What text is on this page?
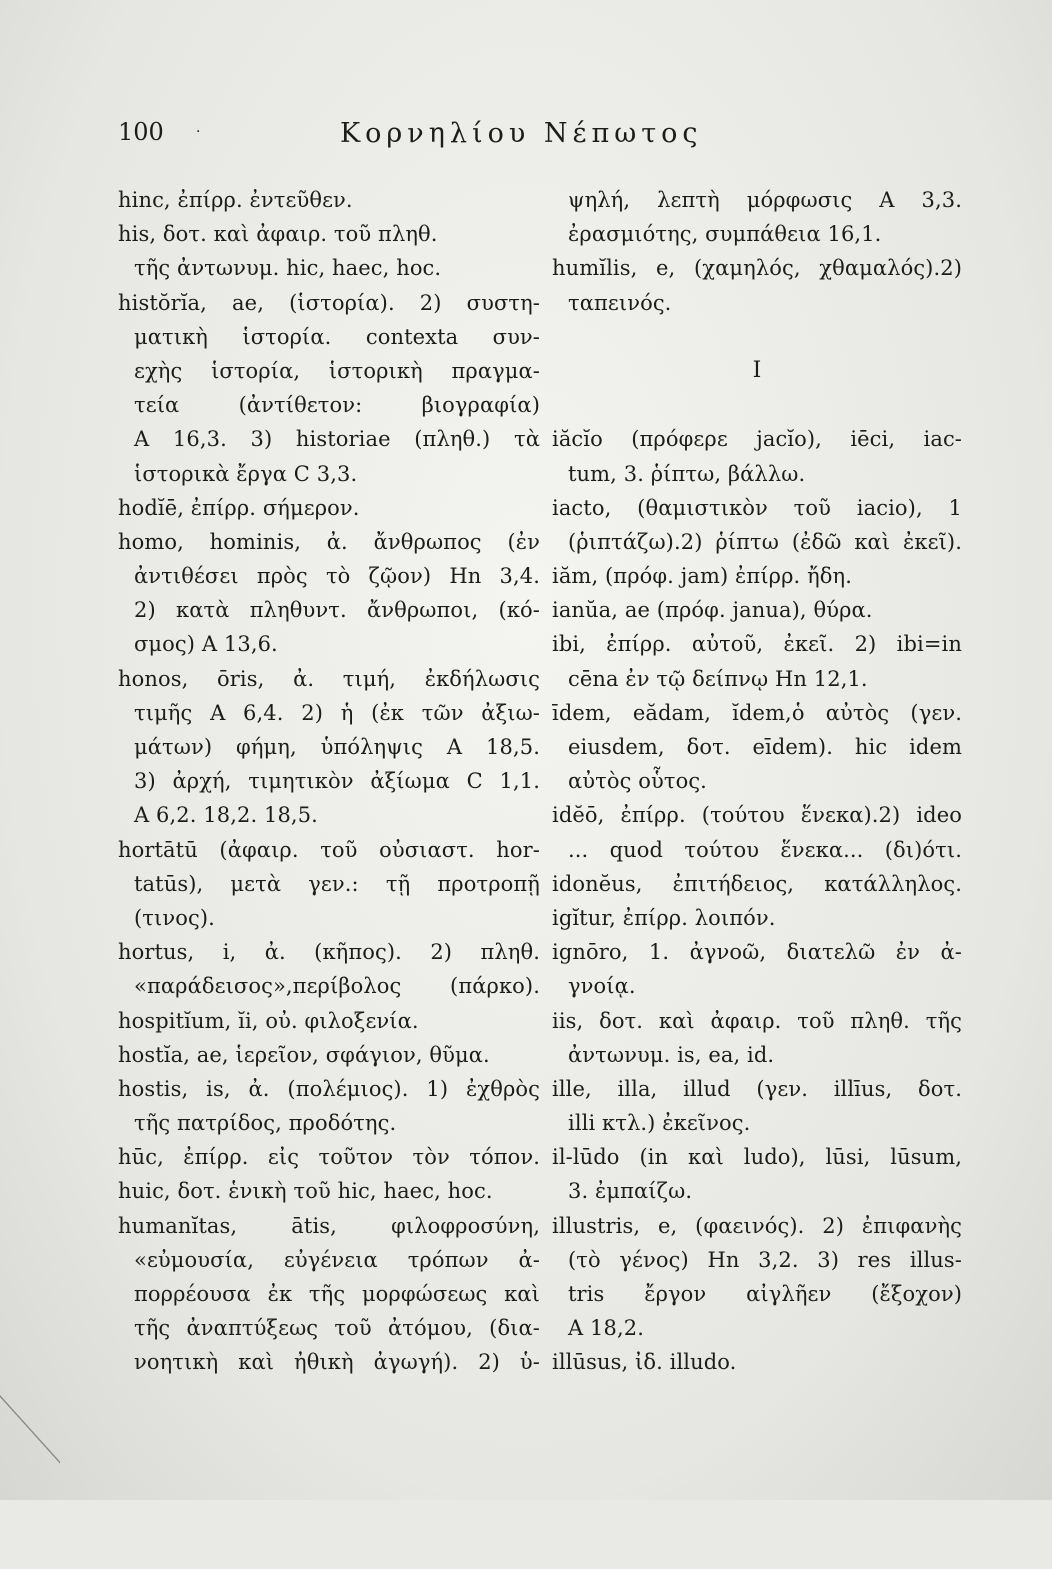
100 ·	Κορνηλίου Νέπωτος
hinc, ἐπίρρ. ἐντεῦθεν.
his, δοτ. καὶ ἀφαιρ. τοῦ πληθ.
τῆς ἀντωνυμ. hic, haec, hoc.
histŏrĭa, ae, (ἱστορία). 2) συστη-
ματικὴ ἱστορία. contexta συν-
εχὴς ἱστορία, ἱστορικὴ πραγμα-
τεία (ἀντίθετον: βιογραφία)
A 16,3. 3) historiae (πληθ.) τὰ
ἱστορικὰ ἔργα C 3,3.
hodĭē, ἐπίρρ. σήμερον.
homo, hominis, ἀ. ἄνθρωπος (ἐν
ἀντιθέσει πρὸς τὸ ζῷον) Hn 3,4.
2) κατὰ πληθυντ. ἄνθρωποι, (κό-
σμος) A 13,6.
honos, ōris, ἀ. τιμή, ἐκδήλωσις
τιμῆς A 6,4. 2) ἡ (ἐκ τῶν ἀξιω-
μάτων) φήμη, ὑπόληψις A 18,5.
3) ἀρχή, τιμητικὸν ἀξίωμα C 1,1.
A 6,2. 18,2. 18,5.
hortātū (ἀφαιρ. τοῦ οὐσιαστ. hor-
tatūs), μετὰ γεν.: τῇ προτροπῇ
(τινος).
hortus, i, ἀ. (κῆπος). 2) πληθ.
«παράδεισος»,περίβολος (πάρκο).
hospitĭum, ĭi, οὐ. φιλοξενία.
hostĭa, ae, ἱερεῖον, σφάγιον, θῦμα.
hostis, is, ἀ. (πολέμιος). 1) ἐχθρὸς
τῆς πατρίδος, προδότης.
hūc, ἐπίρρ. εἰς τοῦτον τὸν τόπον.
huic, δοτ. ἑνικὴ τοῦ hic, haec, hoc.
humanĭtas, ātis, φιλοφροσύνη,
«εὐμουσία, εὐγένεια τρόπων ἀ-
πορρέουσα ἐκ τῆς μορφώσεως καὶ
τῆς ἀναπτύξεως τοῦ ἀτόμου, (δια-
νοητικὴ καὶ ἠθικὴ ἀγωγή). 2) ὑ-
ψηλή, λεπτὴ μόρφωσις A 3,3.
ἐρασμιότης, συμπάθεια 16,1.
humĭlis, e, (χαμηλός, χθαμαλός).2)
ταπεινός.
I
iăcĭo (πρόφερε jacĭo), iēci, iac-
tum, 3. ῥίπτω, βάλλω.
iacto, (θαμιστικὸν τοῦ iacio), 1
(ῥιπτάζω).2) ῥίπτω (ἐδῶ καὶ ἐκεῖ).
iăm, (πρόφ. jam) ἐπίρρ. ἤδη.
ianŭa, ae (πρόφ. janua), θύρα.
ibi, ἐπίρρ. αὐτοῦ, ἐκεῖ. 2) ibi=in
cēna ἐν τῷ δείπνῳ Hn 12,1.
īdem, eădam, ĭdem,ὁ αὐτὸς (γεν.
eiusdem, δοτ. eīdem). hic idem
αὐτὸς οὗτος.
idĕō, ἐπίρρ. (τούτου ἕνεκα).2) ideo
... quod τούτου ἕνεκα... (δι)ότι.
idonĕus, ἐπιτήδειος, κατάλληλος.
igĭtur, ἐπίρρ. λοιπόν.
ignōro, 1. ἀγνοῶ, διατελῶ ἐν ἀ-
γνοίᾳ.
iis, δοτ. καὶ ἀφαιρ. τοῦ πληθ. τῆς
ἀντωνυμ. is, ea, id.
ille, illa, illud (γεν. illīus, δοτ.
illi κτλ.) ἐκεῖνος.
il-lūdo (in καὶ ludo), lūsi, lūsum,
3. ἐμπαίζω.
illustris, e, (φαεινός). 2) ἐπιφανὴς
(τὸ γένος) Hn 3,2. 3) res illus-
tris ἔργον αἰγλῆεν (ἔξοχον)
A 18,2.
illūsus, ἰδ. illudo.
